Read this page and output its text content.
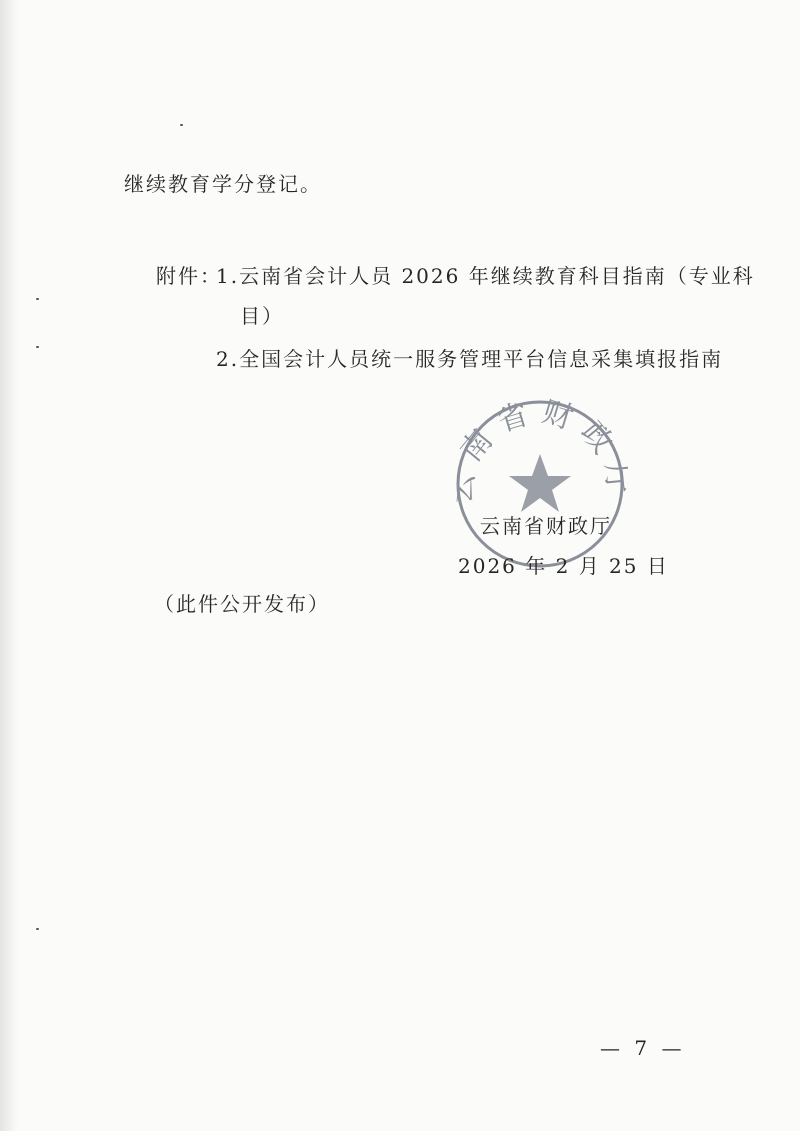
继续教育学分登记。
附件：
1.云南省会计人员 2026 年继续教育科目指南（专业科
目）
2.全国会计人员统一服务管理平台信息采集填报指南
南省财政
云南省财政厅
2026 年 2 月 25 日
（此件公开发布）
— 7 —
